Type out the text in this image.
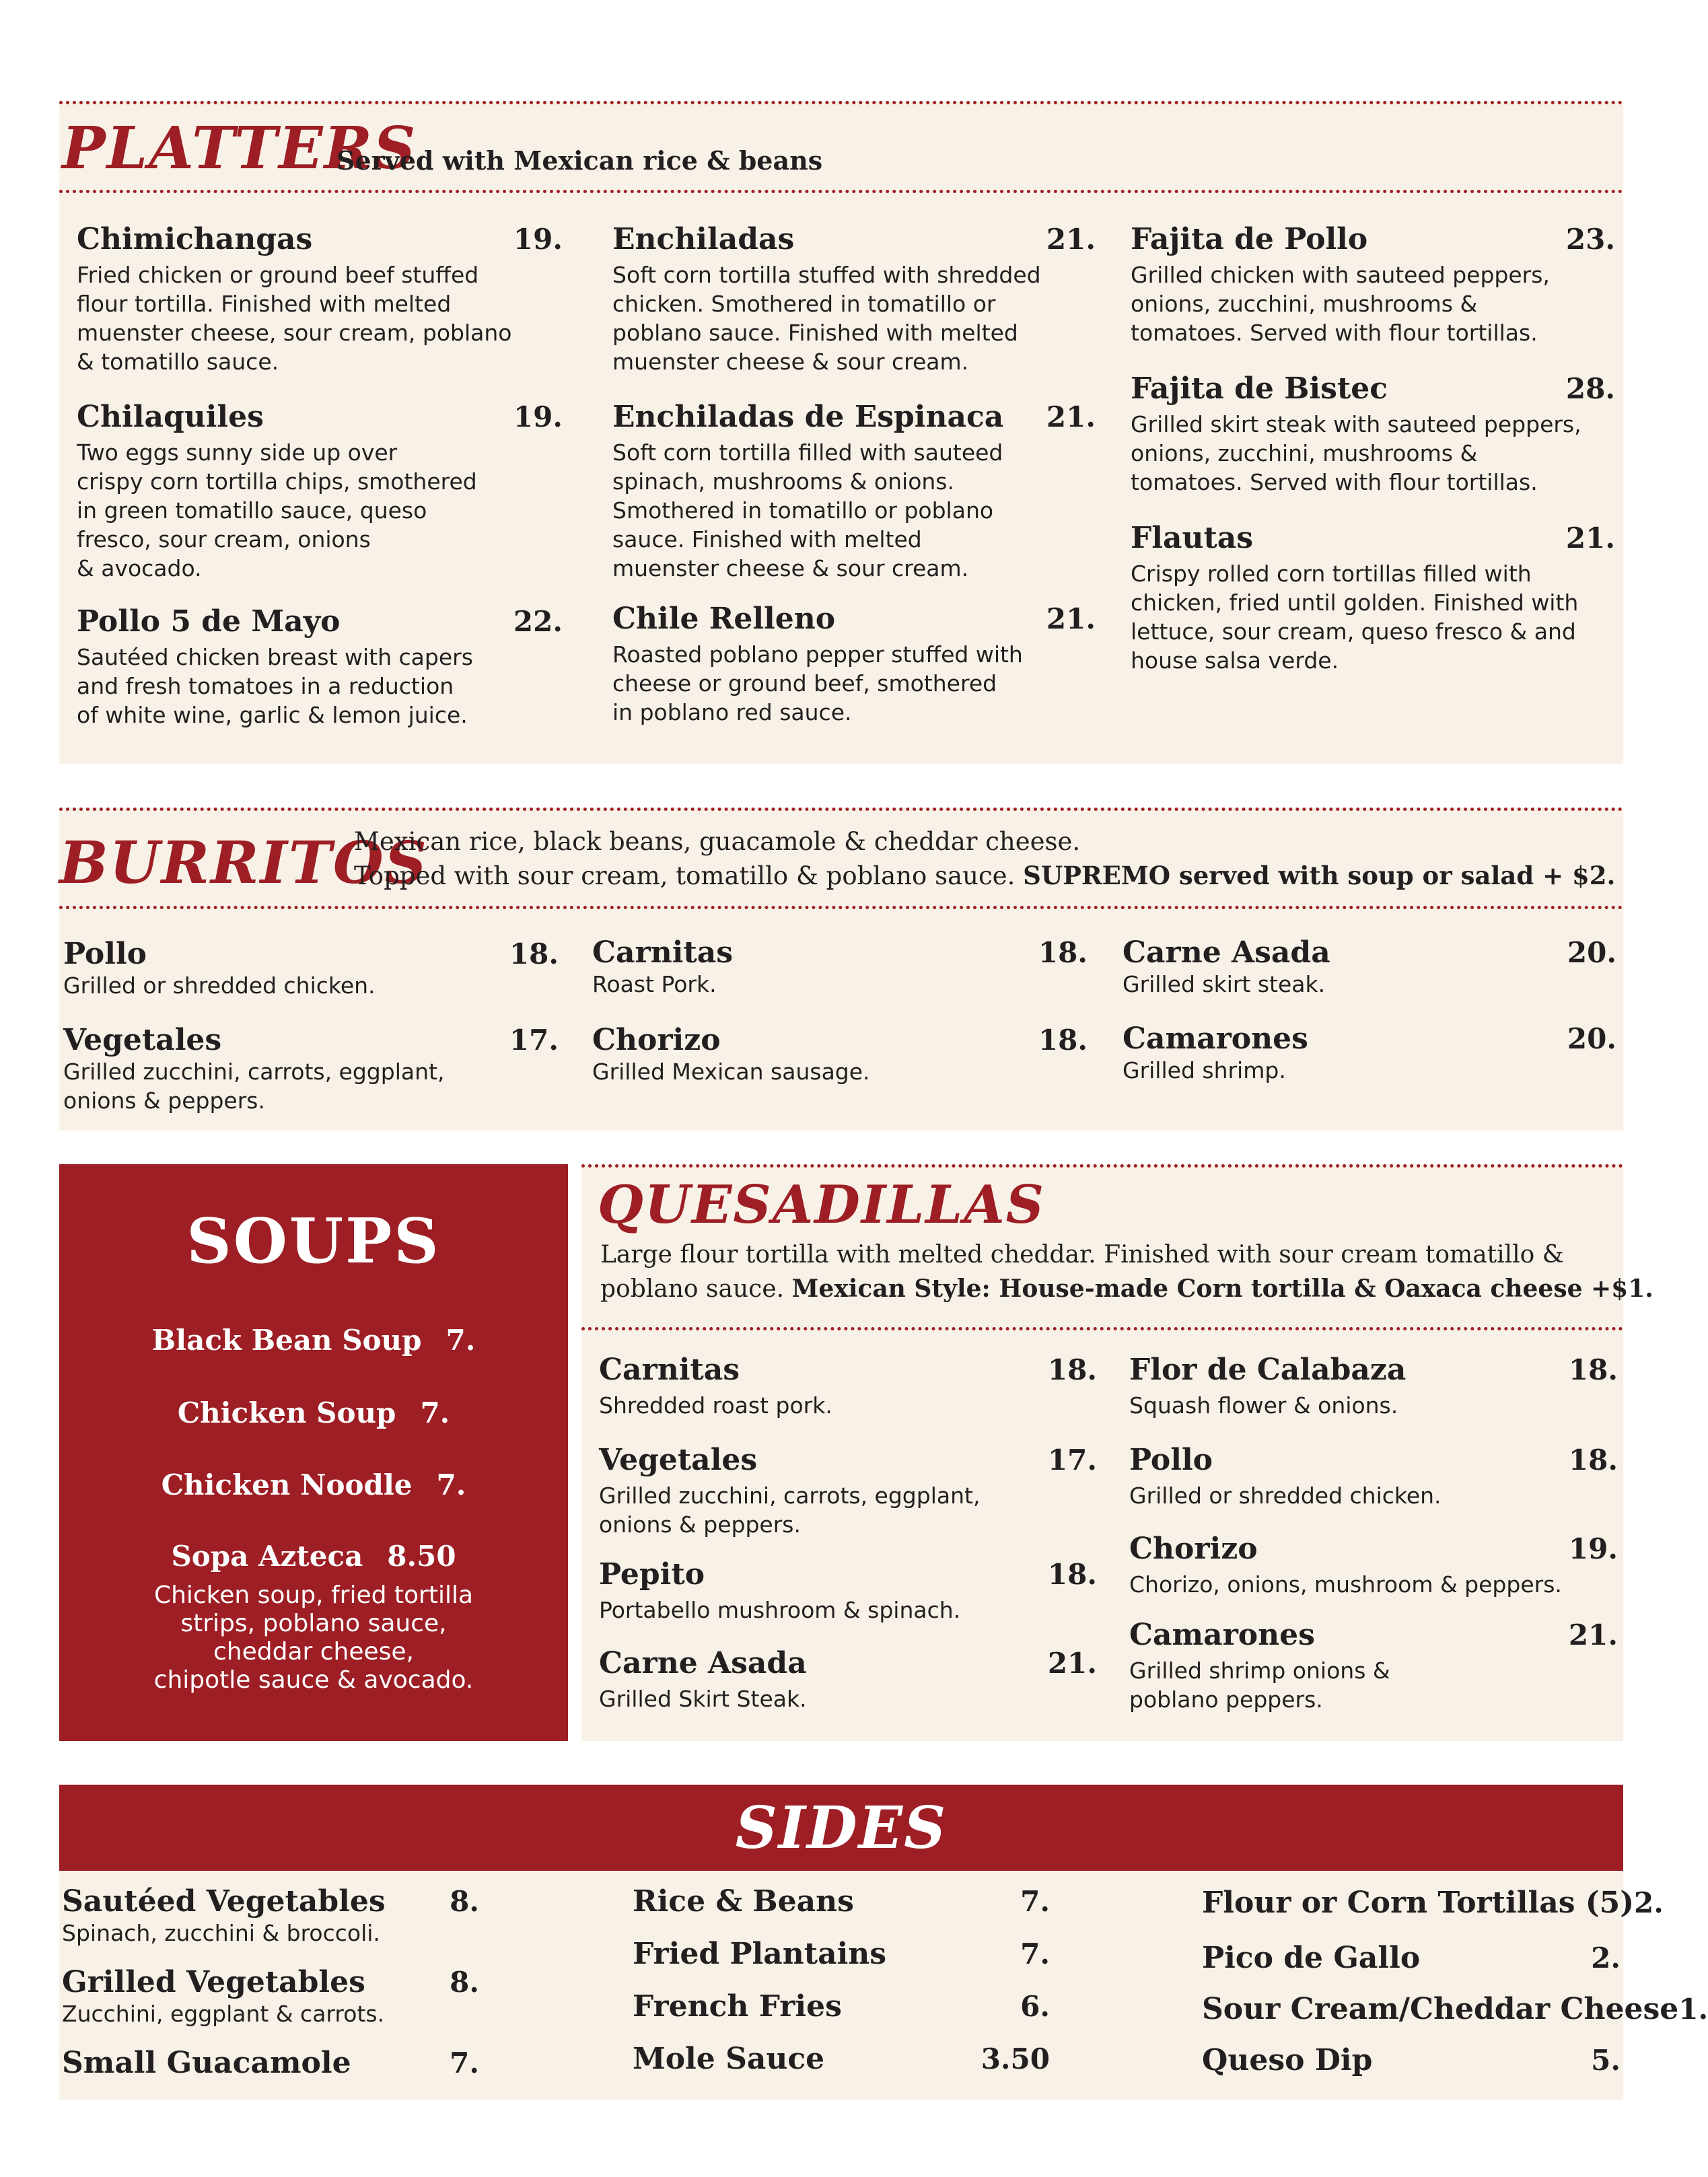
PLATTERS
Served with Mexican rice & beans
Chimichangas	19.
Fried chicken or ground beef stuffed
flour tortilla. Finished with melted
muenster cheese, sour cream, poblano
& tomatillo sauce.
Chilaquiles	19.
Two eggs sunny side up over
crispy corn tortilla chips, smothered
in green tomatillo sauce, queso
fresco, sour cream, onions
& avocado.
Pollo 5 de Mayo	22.
Sautéed chicken breast with capers
and fresh tomatoes in a reduction
of white wine, garlic & lemon juice.
Enchiladas	21.
Soft corn tortilla stuffed with shredded
chicken. Smothered in tomatillo or
poblano sauce. Finished with melted
muenster cheese & sour cream.
Enchiladas de Espinaca 21.
Soft corn tortilla filled with sauteed
spinach, mushrooms & onions.
Smothered in tomatillo or poblano
sauce. Finished with melted
muenster cheese & sour cream.
Chile Relleno	21.
Roasted poblano pepper stuffed with
cheese or ground beef, smothered
in poblano red sauce.
Fajita de Pollo	23.
Grilled chicken with sauteed peppers,
onions, zucchini, mushrooms &
tomatoes. Served with flour tortillas.
Fajita de Bistec	28.
Grilled skirt steak with sauteed peppers,
onions, zucchini, mushrooms &
tomatoes. Served with flour tortillas.
Flautas	21.
Crispy rolled corn tortillas filled with
chicken, fried until golden. Finished with
lettuce, sour cream, queso fresco & and
house salsa verde.
BURRITOS
Mexican rice, black beans, guacamole & cheddar cheese.
Topped with sour cream, tomatillo & poblano sauce. SUPREMO served with soup or salad + $2.
Pollo	18.
Grilled or shredded chicken.
Vegetales	17.
Grilled zucchini, carrots, eggplant,
onions & peppers.
Carnitas	18.
Roast Pork.
Chorizo	18.
Grilled Mexican sausage.
Carne Asada	20.
Grilled skirt steak.
Camarones	20.
Grilled shrimp.
SOUPS
Black Bean Soup 7.
Chicken Soup 7.
Chicken Noodle 7.
Sopa Azteca 8.50
Chicken soup, fried tortilla
strips, poblano sauce,
cheddar cheese,
chipotle sauce & avocado.
QUESADILLAS
Large flour tortilla with melted cheddar. Finished with sour cream tomatillo &
poblano sauce. Mexican Style: House-made Corn tortilla & Oaxaca cheese +$1.
Carnitas	18.
Shredded roast pork.
Vegetales	17.
Grilled zucchini, carrots, eggplant,
onions & peppers.
Pepito	18.
Portabello mushroom & spinach.
Carne Asada	21.
Grilled Skirt Steak.
Flor de Calabaza	18.
Squash flower & onions.
Pollo	18.
Grilled or shredded chicken.
Chorizo	19.
Chorizo, onions, mushroom & peppers.
Camarones	21.
Grilled shrimp onions &
poblano peppers.
SIDES
Sautéed Vegetables 8.
Spinach, zucchini & broccoli.
Grilled Vegetables	8.
Zucchini, eggplant & carrots.
Small Guacamole	7.
Rice & Beans	7.
Fried Plantains	7.
French Fries	6.
Mole Sauce	3.50
Flour or Corn Tortillas (5) 2.
Pico de Gallo	2.
Sour Cream/Cheddar Cheese 1.
Queso Dip	5.
